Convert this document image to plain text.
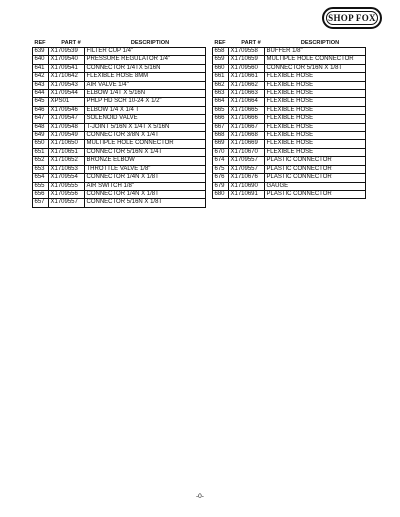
SHOP FOX
REF	PART #	DESCRIPTION
639	X1709539	FILTER CUP 1/4"
640	X1709540	PRESSURE REGULATOR 1/4"
641	X1709541	CONNECTOR 1/4TX 5/16N
642	X1710642	FLEXIBLE HOSE 8MM
643	X1709543	AIR VALVE 1/4"
644	X1709544	ELBOW 1/4T X 5/16N
645	XPS01	PHLP HD SCR 10-24 X 1/2"
646	X1709546	ELBOW 1/4 X 1/4 T
647	X1709547	SOLENOID VALVE
648	X1709548	T-JOINT 5/16N X 1/4T X 5/16N
649	X1709549	CONNECTOR 3/8N X 1/4T
650	X1710650	MULTIPLE HOLE CONNECTOR
651	X1710651	CONNECTOR 5/16N X 1/4T
652	X1710652	BRONZE ELBOW
653	X1710653	THROTTLE VALVE 1/8"
654	X1709554	CONNECTOR 1/4N X 1/8T
655	X1709555	AIR SWITCH 1/8"
656	X1709556	CONNECTOR 1/4N X 1/8T
657	X1709557	CONNECTOR 5/16N X 1/8T
REF	PART #	DESCRIPTION
658	X1709558	BUFFER 1/8"
659	X1710659	MULTIPLE HOLE CONNECTOR
660	X1709560	CONNECTOR 5/16N X 1/8T
661	X1710661	FLEXIBLE HOSE
662	X1710662	FLEXIBLE HOSE
663	X1710663	FLEXIBLE HOSE
664	X1710664	FLEXIBLE HOSE
665	X1710665	FLEXIBLE HOSE
666	X1710666	FLEXIBLE HOSE
667	X1710667	FLEXIBLE HOSE
668	X1710668	FLEXIBLE HOSE
669	X1710669	FLEXIBLE HOSE
670	X1710670	FLEXIBLE HOSE
674	X1709557	PLASTIC CONNECTOR
675	X1709557	PLASTIC CONNECTOR
676	X1710676	PLASTIC CONNECTOR
679	X1710690	GAUGE
680	X1710691	PLASTIC CONNECTOR
-0-
